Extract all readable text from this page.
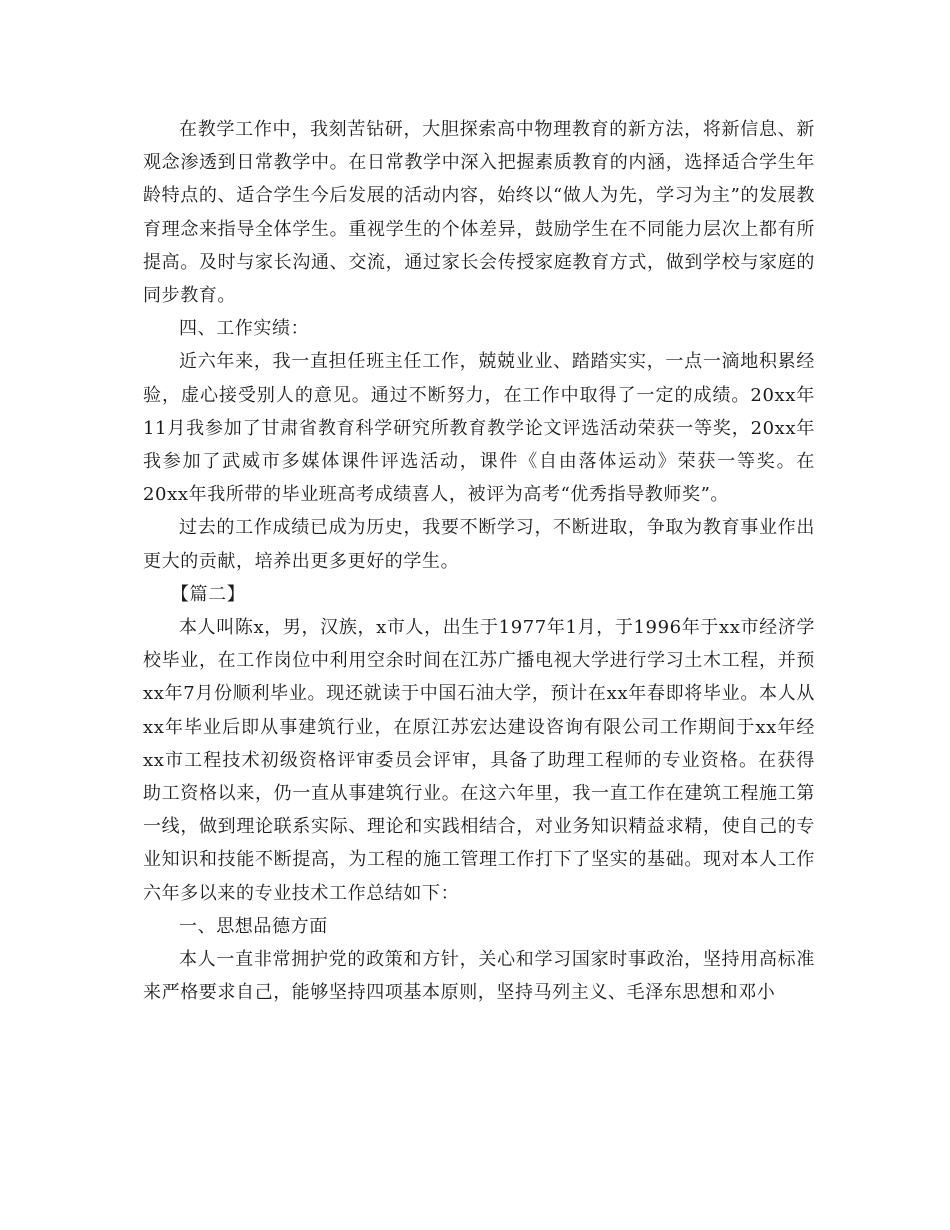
在教学工作中，我刻苦钻研，大胆探索高中物理教育的新方法，将新信息、新观念渗透到日常教学中。在日常教学中深入把握素质教育的内涵，选择适合学生年龄特点的、适合学生今后发展的活动内容，始终以“做人为先，学习为主”的发展教育理念来指导全体学生。重视学生的个体差异，鼓励学生在不同能力层次上都有所提高。及时与家长沟通、交流，通过家长会传授家庭教育方式，做到学校与家庭的同步教育。

四、工作实绩：

近六年来，我一直担任班主任工作，兢兢业业、踏踏实实，一点一滴地积累经验，虚心接受别人的意见。通过不断努力，在工作中取得了一定的成绩。20xx年11月我参加了甘肃省教育科学研究所教育教学论文评选活动荣获一等奖，20xx年我参加了武威市多媒体课件评选活动，课件《自由落体运动》荣获一等奖。在20xx年我所带的毕业班高考成绩喜人，被评为高考“优秀指导教师奖”。

过去的工作成绩已成为历史，我要不断学习，不断进取，争取为教育事业作出更大的贡献，培养出更多更好的学生。

【篇二】

本人叫陈x，男，汉族，x市人，出生于1977年1月，于1996年于xx市经济学校毕业，在工作岗位中利用空余时间在江苏广播电视大学进行学习土木工程，并预xx年7月份顺利毕业。现还就读于中国石油大学，预计在xx年春即将毕业。本人从xx年毕业后即从事建筑行业，在原江苏宏达建设咨询有限公司工作期间于xx年经xx市工程技术初级资格评审委员会评审，具备了助理工程师的专业资格。在获得助工资格以来，仍一直从事建筑行业。在这六年里，我一直工作在建筑工程施工第一线，做到理论联系实际、理论和实践相结合，对业务知识精益求精，使自己的专业知识和技能不断提高，为工程的施工管理工作打下了坚实的基础。现对本人工作六年多以来的专业技术工作总结如下：

一、思想品德方面

本人一直非常拥护党的政策和方针，关心和学习国家时事政治，坚持用高标准来严格要求自己，能够坚持四项基本原则，坚持马列主义、毛泽东思想和邓小
